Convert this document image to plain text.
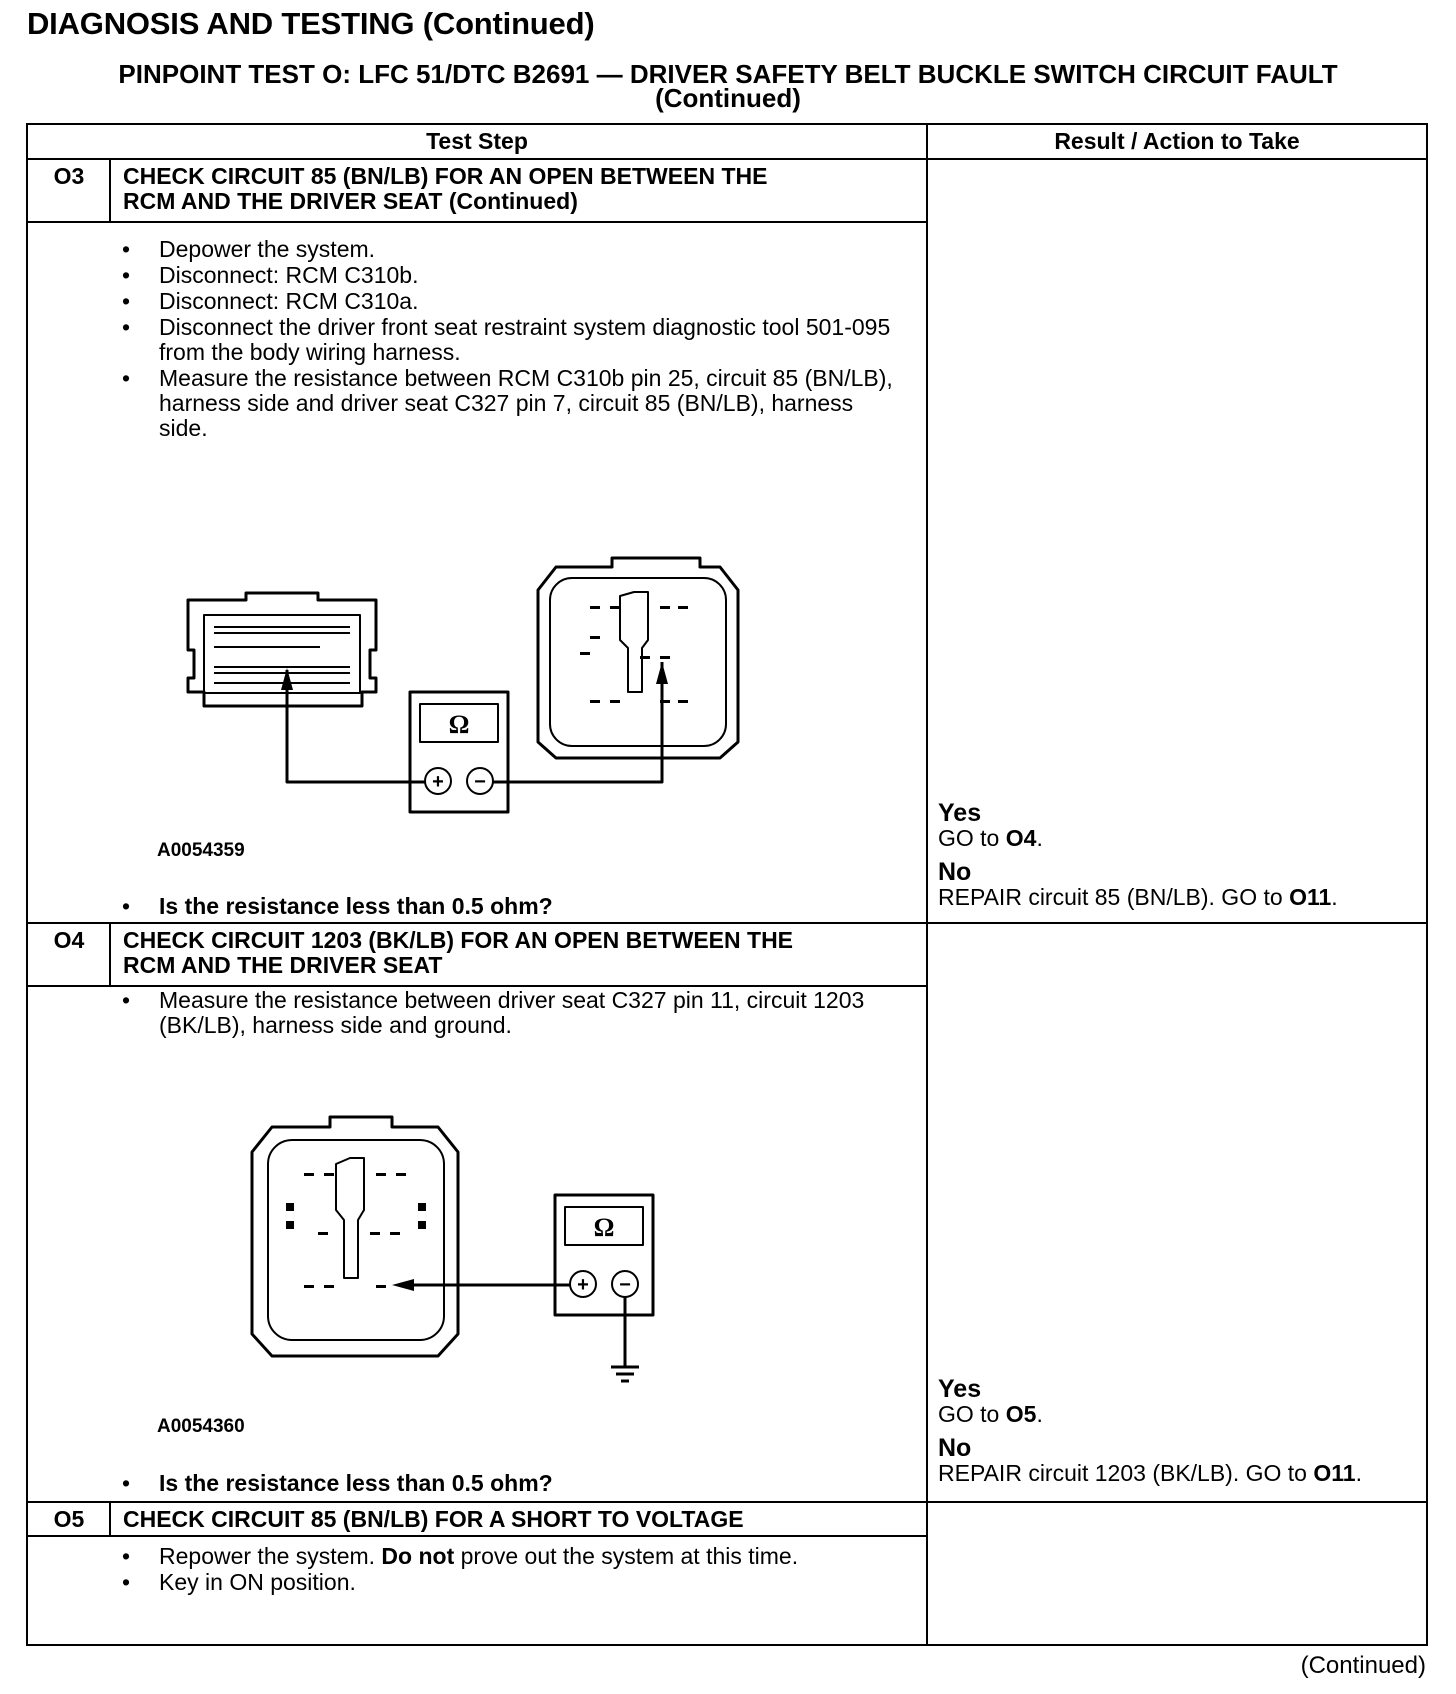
DIAGNOSIS AND TESTING (Continued)
PINPOINT TEST O: LFC 51/DTC B2691 — DRIVER SAFETY BELT BUCKLE SWITCH CIRCUIT FAULT
(Continued)
Test Step	Result / Action to Take
O3	CHECK CIRCUIT 85 (BN/LB) FOR AN OPEN BETWEEN THE
RCM AND THE DRIVER SEAT (Continued)
• Depower the system.
• Disconnect: RCM C310b.
• Disconnect: RCM C310a.
• Disconnect the driver front seat restraint system diagnostic tool 501-095 from the body wiring harness.
• Measure the resistance between RCM C310b pin 25, circuit 85 (BN/LB), harness side and driver seat C327 pin 7, circuit 85 (BN/LB), harness side.
Ω
+ −
Ω
+ −
A0054359
• Is the resistance less than 0.5 ohm?
Yes
GO to O4.
No
REPAIR circuit 85 (BN/LB). GO to O11.
O4	CHECK CIRCUIT 1203 (BK/LB) FOR AN OPEN BETWEEN THE
RCM AND THE DRIVER SEAT
• Measure the resistance between driver seat C327 pin 11, circuit 1203 (BK/LB), harness side and ground.
A0054360
• Is the resistance less than 0.5 ohm?
Yes
GO to O5.
No
REPAIR circuit 1203 (BK/LB). GO to O11.
O5	CHECK CIRCUIT 85 (BN/LB) FOR A SHORT TO VOLTAGE
• Repower the system. Do not prove out the system at this time.
• Key in ON position.
(Continued)
